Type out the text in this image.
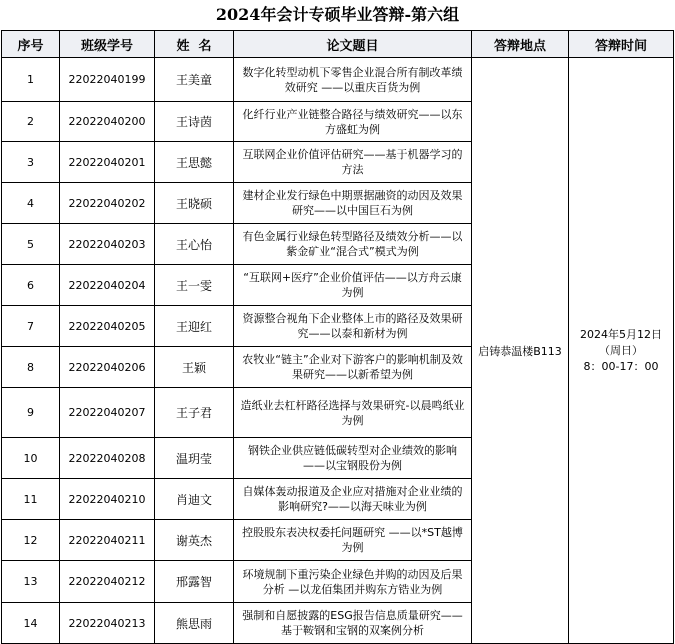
2024年会计专硕毕业答辩-第六组
序号	班级学号	姓  名	论文题目	答辩地点	答辩时间
1	22022040199	王美童	数字化转型动机下零售企业混合所有制改革绩效研究 ——以重庆百货为例	启铸恭温楼B113	2024年5月12日
（周日）
8：00-17：00

2	22022040200	王诗茵	化纤行业产业链整合路径与绩效研究——以东方盛虹为例		
3	22022040201	王思懿	互联网企业价值评估研究——基于机器学习的方法		
4	22022040202	王晓硕	建材企业发行绿色中期票据融资的动因及效果研究——以中国巨石为例		
5	22022040203	王心怡	有色金属行业绿色转型路径及绩效分析——以紫金矿业“混合式”模式为例		
6	22022040204	王一雯	“互联网+医疗”企业价值评估——以方舟云康为例		
7	22022040205	王迎红	资源整合视角下企业整体上市的路径及效果研究——以泰和新材为例		
8	22022040206	王颖	农牧业“链主”企业对下游客户的影响机制及效果研究——以新希望为例		
9	22022040207	王子君	造纸业去杠杆路径选择与效果研究-以晨鸣纸业为例		
10	22022040208	温玥莹	钢铁企业供应链低碳转型对企业绩效的影响——以宝钢股份为例		
11	22022040210	肖迪文	自媒体轰动报道及企业应对措施对企业业绩的影响研究?——以海天味业为例		
12	22022040211	谢英杰	控股股东表决权委托问题研究 ——以*ST越博为例		
13	22022040212	邢露智	环境规制下重污染企业绿色并购的动因及后果分析 —以龙佰集团并购东方锆业为例		
14	22022040213	熊思雨	强制和自愿披露的ESG报告信息质量研究——基于鞍钢和宝钢的双案例分析		
